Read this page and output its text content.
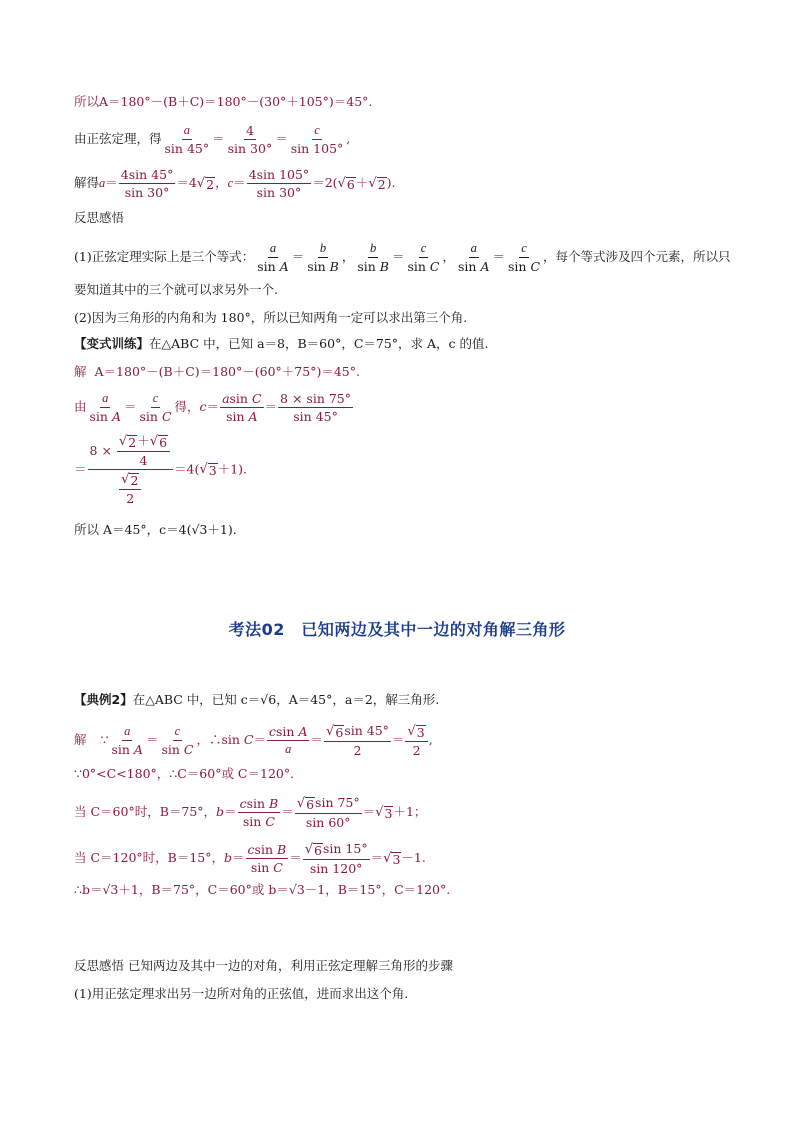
所以A＝180°－(B＋C)＝180°－(30°＋105°)＝45°.
由正弦定理，得 $\frac{a}{\sin 45^\circ} = \frac{4}{\sin 30^\circ} = \frac{c}{\sin 105^\circ}$ ,
解得 $a= \frac{4\sin 45^\circ}{\sin 30^\circ} =4$ √ 2 ，$c= \frac{4\sin 105^\circ}{\sin 30^\circ} =2$( √ 6 ＋ √ 2 ).
反思感悟
(1)正弦定理实际上是三个等式： $\frac{a}{\text{sin A}} = \frac{b}{\text{sin B}}$ ， $\frac{b}{\text{sin B}} = \frac{c}{\text{sin C}}$ ， $\frac{a}{\text{sin A}} = \frac{c}{\text{sin C}}$ ， 每个等式涉及四个元素，所以只
要知道其中的三个就可以求另外一个.
(2)因为三角形的内角和为 180°，所以已知两角一定可以求出第三个角.
【变式训练】 在△ABC 中，已知 a＝8，B＝60°，C＝75°，求 A，c 的值.
解 A＝180°－(B＋C)＝180°－(60°＋75°)＝45°.
由 $\frac{a}{\text{sin A}} = \frac{c}{\text{sin C}}$ 得， $c= \frac{\text{asin C}}{\text{sin A}} = \frac{8 \times \sin 75^\circ}{\sin 45^\circ}$
＝ $\frac{8 \times \frac{√ 2 + √ 6}{4}}{\frac{√ 2}{2}} =4$( √ 3 ＋1).
所以 A＝45°，c＝4(√3＋1).
考法02　已知两边及其中一边的对角解三角形
【典例2】 在△ABC 中，已知 c＝√6，A＝45°，a＝2，解三角形.
解 ∵ $\frac{a}{\text{sin A}} = \frac{c}{\text{sin C}}$ ，∴sin $C= \frac{\text{csin A}}{a} = \frac{√ 6 \sin 45^\circ}{2} = \frac{√ 3}{2}$ ,
∵0°<C<180°，∴C＝60°或 C＝120°.
当 C＝60°时，B＝75°， $b= \frac{\text{csin B}}{\text{sin C}} = \frac{√ 6 \sin 75^\circ}{\sin 60^\circ}$ ＝ √ 3 ＋1；
当 C＝120°时，B＝15°， $b= \frac{\text{csin B}}{\text{sin C}} = \frac{√ 6 \sin 15^\circ}{\sin 120^\circ}$ ＝ √ 3 －1.
∴b＝√3＋1，B＝75°，C＝60°或 b＝√3－1，B＝15°，C＝120°.
反思感悟 已知两边及其中一边的对角，利用正弦定理解三角形的步骤
(1)用正弦定理求出另一边所对角的正弦值，进而求出这个角.
